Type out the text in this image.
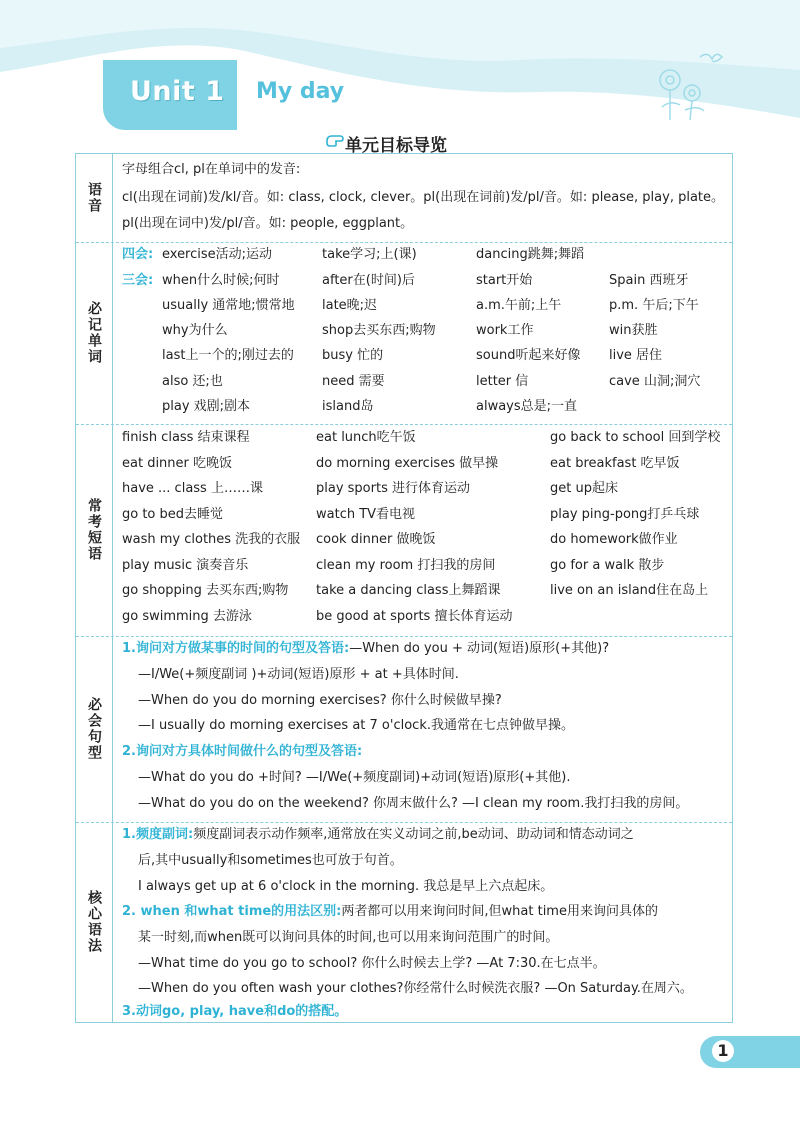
Unit 1 My day
单元目标导览
语音
字母组合cl, pl在单词中的发音:
cl(出现在词前)发/kl/音。如: class, clock, clever。pl(出现在词前)发/pl/音。如: please, play, plate。
pl(出现在词中)发/pl/音。如: people, eggplant。
必记单词
四会:
三会:
exercise活动;运动
when什么时候;何时
usually 通常地;惯常地
why为什么
last上一个的;刚过去的
also 还;也
play 戏剧;剧本
take学习;上(课)
after在(时间)后
late晚;迟
shop去买东西;购物
busy 忙的
need 需要
island岛
dancing跳舞;舞蹈
start开始
a.m.午前;上午
work工作
sound听起来好像
letter 信
always总是;一直
Spain 西班牙
p.m. 午后;下午
win获胜
live 居住
cave 山洞;洞穴
常考短语
finish class 结束课程
eat dinner 吃晚饭
have ... class 上……课
go to bed去睡觉
wash my clothes 洗我的衣服
play music 演奏音乐
go shopping 去买东西;购物
go swimming 去游泳
eat lunch吃午饭
do morning exercises 做早操
play sports 进行体育运动
watch TV看电视
cook dinner 做晚饭
clean my room 打扫我的房间
take a dancing class上舞蹈课
be good at sports 擅长体育运动
go back to school 回到学校
eat breakfast 吃早饭
get up起床
play ping-pong打乒乓球
do homework做作业
go for a walk 散步
live on an island住在岛上
必会句型
1.询问对方做某事的时间的句型及答语:—When do you + 动词(短语)原形(+其他)?
—I/We(+频度副词 )+动词(短语)原形 + at +具体时间.
—When do you do morning exercises? 你什么时候做早操?
—I usually do morning exercises at 7 o'clock.我通常在七点钟做早操。
2.询问对方具体时间做什么的句型及答语:
—What do you do +时间? —I/We(+频度副词)+动词(短语)原形(+其他).
—What do you do on the weekend? 你周末做什么? —I clean my room.我打扫我的房间。
核心语法
1.频度副词:频度副词表示动作频率,通常放在实义动词之前,be动词、助动词和情态动词之
后,其中usually和sometimes也可放于句首。
I always get up at 6 o'clock in the morning. 我总是早上六点起床。
2. when 和what time的用法区别:两者都可以用来询问时间,但what time用来询问具体的
某一时刻,而when既可以询问具体的时间,也可以用来询问范围广的时间。
—What time do you go to school? 你什么时候去上学? —At 7:30.在七点半。
—When do you often wash your clothes?你经常什么时候洗衣服? —On Saturday.在周六。
3.动词go, play, have和do的搭配。
1
